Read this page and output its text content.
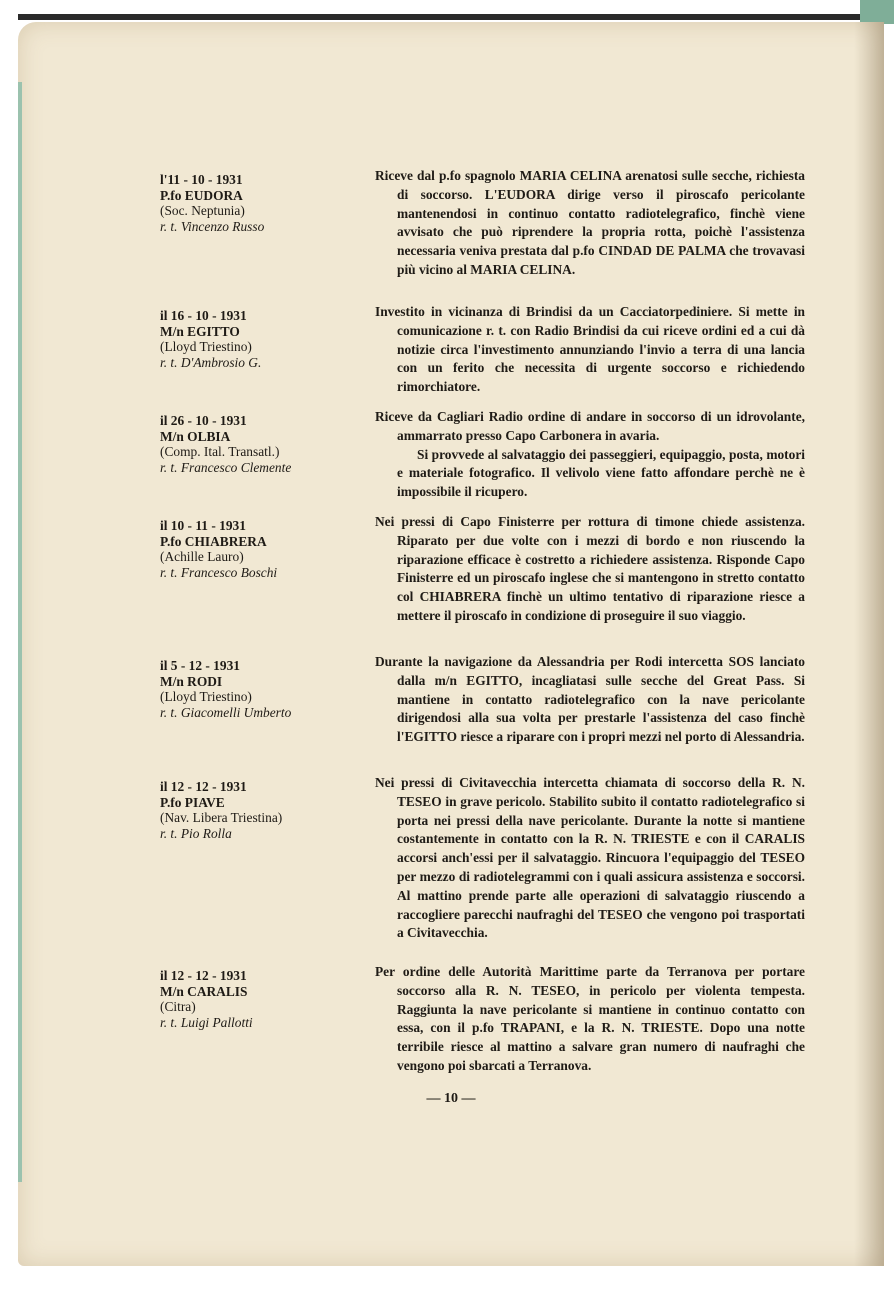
l'11 - 10 - 1931
P.fo EUDORA
(Soc. Neptunia)
r. t. Vincenzo Russo
Riceve dal p.fo spagnolo MARIA CELINA arenatosi sulle secche, richiesta di soccorso. L'EUDORA dirige verso il piroscafo pericolante mantenendosi in continuo contatto radiotelegrafico, finchè viene avvisato che può riprendere la propria rotta, poichè l'assistenza necessaria veniva prestata dal p.fo CINDAD DE PALMA che trovavasi più vicino al MARIA CELINA.
il 16 - 10 - 1931
M/n EGITTO
(Lloyd Triestino)
r. t. D'Ambrosio G.
Investito in vicinanza di Brindisi da un Cacciatorpediniere. Si mette in comunicazione r. t. con Radio Brindisi da cui riceve ordini ed a cui dà notizie circa l'investimento annunziando l'invio a terra di una lancia con un ferito che necessita di urgente soccorso e richiedendo rimorchiatore.
il 26 - 10 - 1931
M/n OLBIA
(Comp. Ital. Transatl.)
r. t. Francesco Clemente
Riceve da Cagliari Radio ordine di andare in soccorso di un idrovolante, ammarrato presso Capo Carbonera in avaria.
Si provvede al salvataggio dei passeggieri, equipaggio, posta, motori e materiale fotografico. Il velivolo viene fatto affondare perchè ne è impossibile il ricupero.
il 10 - 11 - 1931
P.fo CHIABRERA
(Achille Lauro)
r. t. Francesco Boschi
Nei pressi di Capo Finisterre per rottura di timone chiede assistenza. Riparato per due volte con i mezzi di bordo e non riuscendo la riparazione efficace è costretto a richiedere assistenza. Risponde Capo Finisterre ed un piroscafo inglese che si mantengono in stretto contatto col CHIABRERA finchè un ultimo tentativo di riparazione riesce a mettere il piroscafo in condizione di proseguire il suo viaggio.
il 5 - 12 - 1931
M/n RODI
(Lloyd Triestino)
r. t. Giacomelli Umberto
Durante la navigazione da Alessandria per Rodi intercetta SOS lanciato dalla m/n EGITTO, incagliatasi sulle secche del Great Pass. Si mantiene in contatto radiotelegrafico con la nave pericolante dirigendosi alla sua volta per prestarle l'assistenza del caso finchè l'EGITTO riesce a riparare con i propri mezzi nel porto di Alessandria.
il 12 - 12 - 1931
P.fo PIAVE
(Nav. Libera Triestina)
r. t. Pio Rolla
Nei pressi di Civitavecchia intercetta chiamata di soccorso della R. N. TESEO in grave pericolo. Stabilito subito il contatto radiotelegrafico si porta nei pressi della nave pericolante. Durante la notte si mantiene costantemente in contatto con la R. N. TRIESTE e con il CARALIS accorsi anch'essi per il salvataggio. Rincuora l'equipaggio del TESEO per mezzo di radiotelegrammi con i quali assicura assistenza e soccorsi. Al mattino prende parte alle operazioni di salvataggio riuscendo a raccogliere parecchi naufraghi del TESEO che vengono poi trasportati a Civitavecchia.
il 12 - 12 - 1931
M/n CARALIS
(Citra)
r. t. Luigi Pallotti
Per ordine delle Autorità Marittime parte da Terranova per portare soccorso alla R. N. TESEO, in pericolo per violenta tempesta. Raggiunta la nave pericolante si mantiene in continuo contatto con essa, con il p.fo TRAPANI, e la R. N. TRIESTE. Dopo una notte terribile riesce al mattino a salvare gran numero di naufraghi che vengono poi sbarcati a Terranova.
— 10 —
